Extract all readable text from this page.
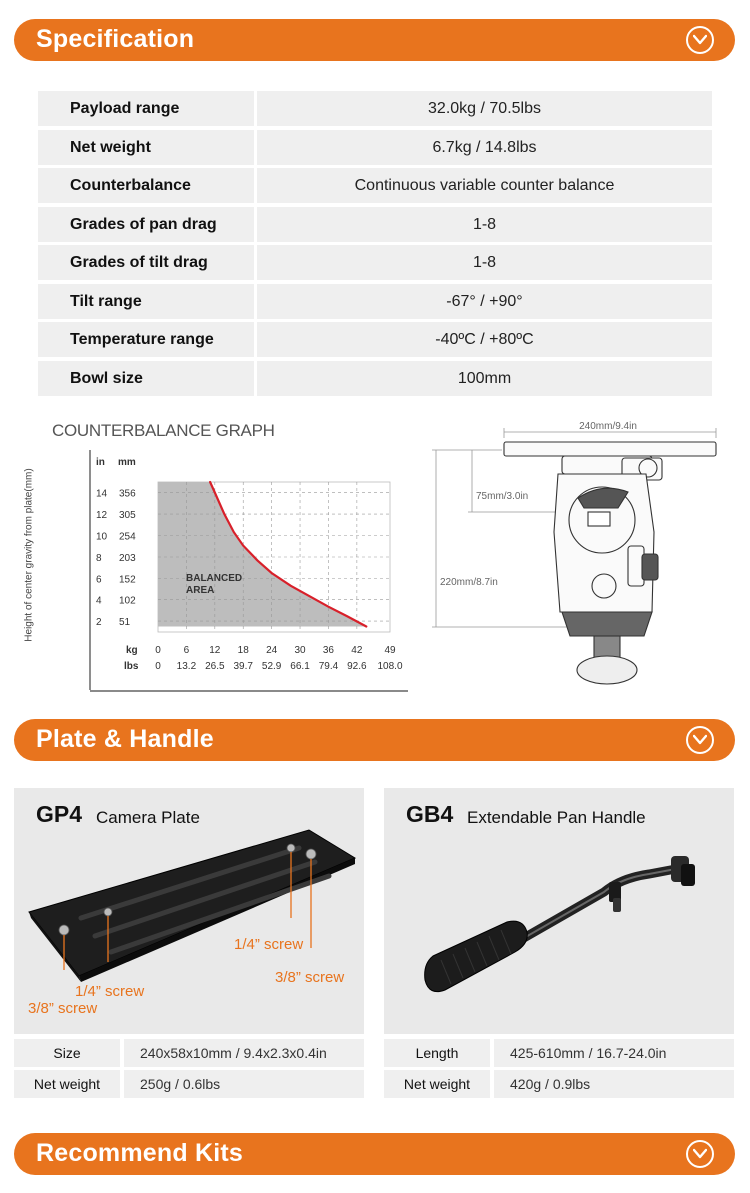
Specification
Payload range	32.0kg / 70.5lbs
Net weight	6.7kg / 14.8lbs
Counterbalance	Continuous variable counter balance
Grades of pan drag	1-8
Grades of tilt drag	1-8
Tilt range	-67° / +90°
Temperature range	-40ºC / +80ºC
Bowl size	100mm
COUNTERBALANCE GRAPH
Height of center gravity from plate(mm)	BALANCED
AREA
in mm
kg
lbs
14 356
12 305
10 254
8 203
6 152
4 102
2 51
0
0
6
13.2
12
26.5
18
39.7
24
52.9
30
66.1
36
79.4
42
92.6
49
108.0
240mm/9.4in
75mm/3.0in
220mm/8.7in
Plate & Handle
GP4 Camera Plate
3/8” screw
1/4” screw
1/4” screw
3/8” screw
GB4 Extendable Pan Handle
Size	240x58x10mm / 9.4x2.3x0.4in
Net weight	250g / 0.6lbs
Length	425-610mm / 16.7-24.0in
Net weight	420g / 0.9lbs
Recommend Kits
